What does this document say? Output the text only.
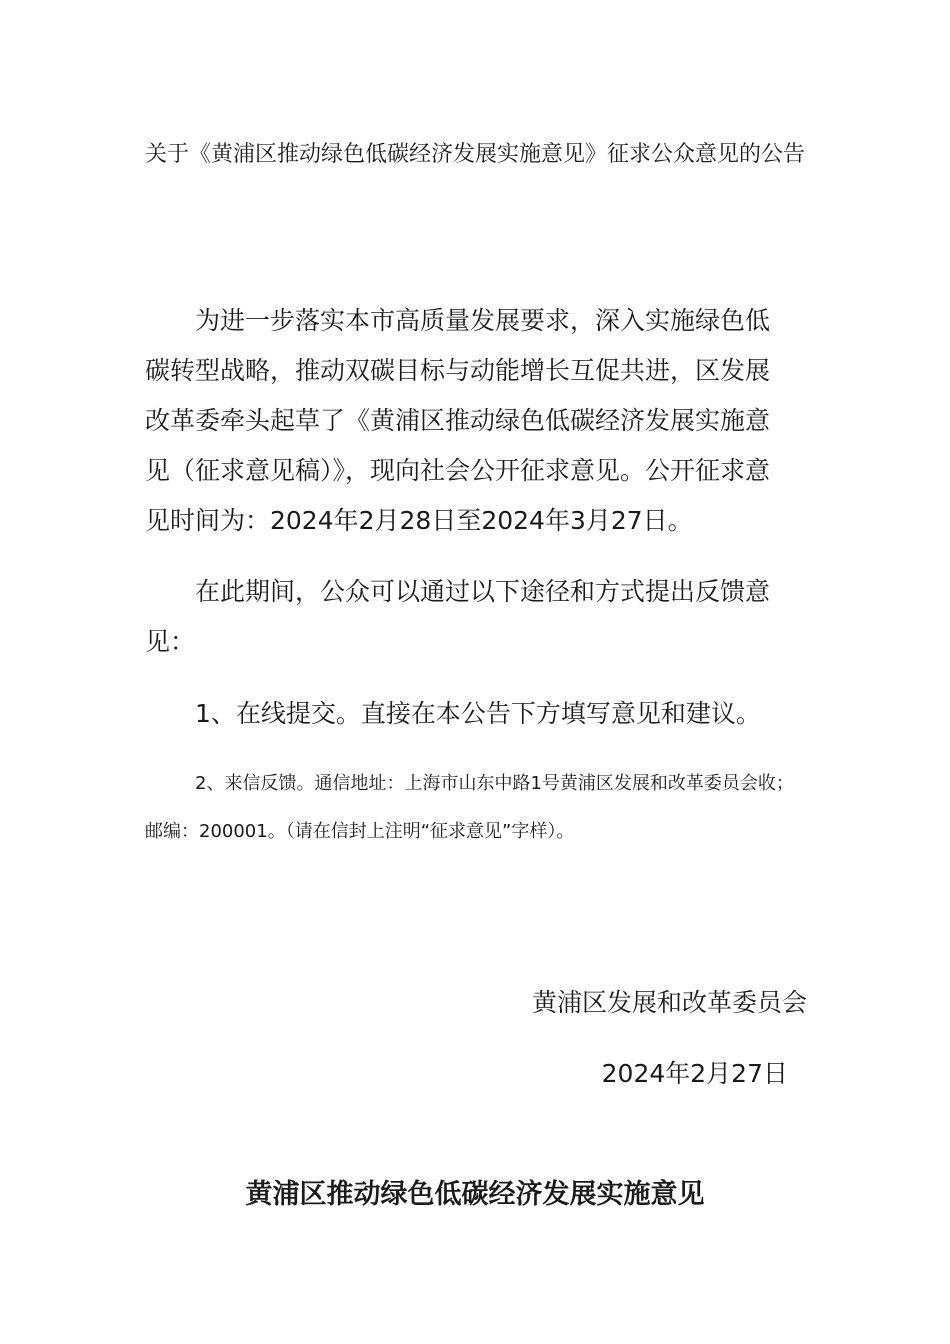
关于《黄浦区推动绿色低碳经济发展实施意见》征求公众意见的公告
为进一步落实本市高质量发展要求，深入实施绿色低碳转型战略，推动双碳目标与动能增长互促共进，区发展改革委牵头起草了《黄浦区推动绿色低碳经济发展实施意见（征求意见稿）》，现向社会公开征求意见。公开征求意见时间为：2024年2月28日至2024年3月27日。
在此期间，公众可以通过以下途径和方式提出反馈意见：
1、在线提交。直接在本公告下方填写意见和建议。
2、来信反馈。通信地址：上海市山东中路1号黄浦区发展和改革委员会收；邮编：200001。（请在信封上注明“征求意见”字样）。
黄浦区发展和改革委员会
2024年2月27日
黄浦区推动绿色低碳经济发展实施意见
